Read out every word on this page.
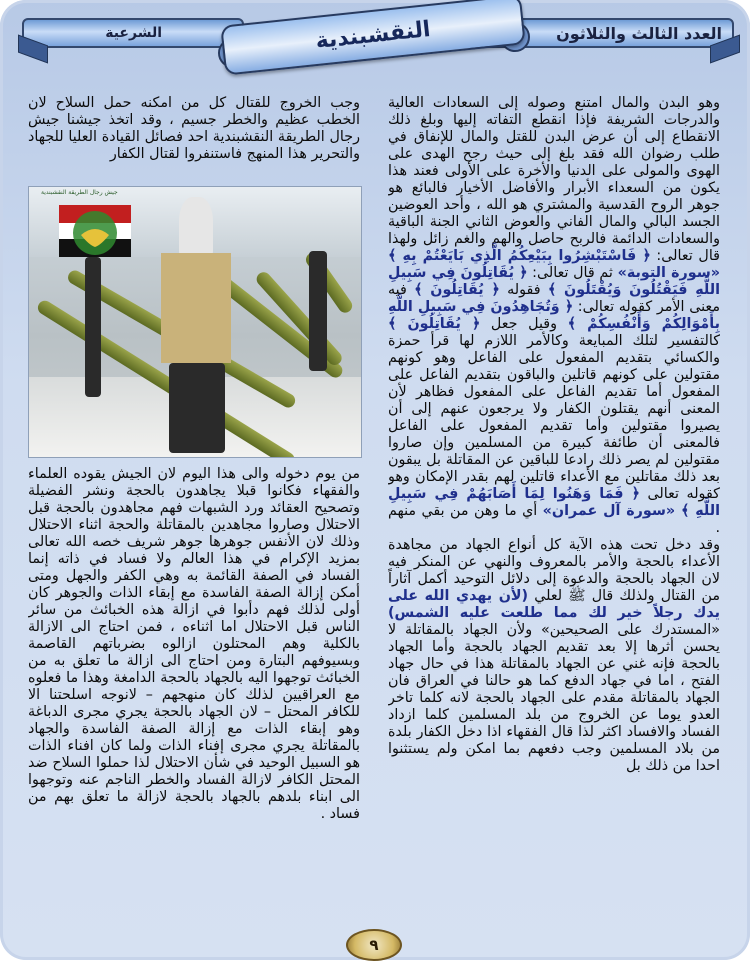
العدد الثالث والثلاثون
الشرعية	النقشبندية
وهو البدن والمال امتنع وصوله إلى السعادات العالية والدرجات الشريفة فإذا انقطع التفاته إليها وبلغ ذلك الانقطاع إلى أن عرض البدن للقتل والمال للإنفاق في طلب رضوان الله فقد بلغ إلى حيث رجح الهدى على الهوى والمولى على الدنيا والأخرة على الأولى فعند هذا يكون من السعداء الأبرار والأفاضل الأخيار فالبائع هو جوهر الروح القدسية والمشتري هو الله ، وأحد العوضين الجسد البالي والمال الفاني والعوض الثاني الجنة الباقية والسعادات الدائمة فالربح حاصل والهم والغم زائل ولهذا قال تعالى: ﴿ فَاسْتَبْشِرُوا بِبَيْعِكُمُ الَّذِي بَايَعْتُمْ بِهِ ﴾ «سورة التوبة» ثم قال تعالى: ﴿ يُقَاتِلُونَ فِي سَبِيلِ اللَّهِ فَيَقْتُلُونَ وَيُقْتَلُونَ ﴾ فقوله ﴿ يُقَاتِلُونَ ﴾ فيه معنى الأمر كقوله تعالى: ﴿ وَتُجَاهِدُونَ فِي سَبِيلِ اللَّهِ بِأَمْوَالِكُمْ وَأَنْفُسِكُمْ ﴾ وقيل جعل ﴿ يُقَاتِلُونَ ﴾ كالتفسير لتلك المبايعة وكالأمر اللازم لها قرأ حمزة والكسائي بتقديم المفعول على الفاعل وهو كونهم مقتولين على كونهم قاتلين والباقون بتقديم الفاعل على المفعول أما تقديم الفاعل على المفعول فظاهر لأن المعنى أنهم يقتلون الكفار ولا يرجعون عنهم إلى أن يصيروا مقتولين وأما تقديم المفعول على الفاعل فالمعنى أن طائفة كبيرة من المسلمين وإن صاروا مقتولين لم يصر ذلك رادعا للباقين عن المقاتلة بل يبقون بعد ذلك مقاتلين مع الأعداء قاتلين لهم بقدر الإمكان وهو كقوله تعالى ﴿ فَمَا وَهَنُوا لِمَا أَصَابَهُمْ فِي سَبِيلِ اللَّهِ ﴾ «سورة آل عمران» أي ما وهن من بقي منهم .
وقد دخل تحت هذه الآية كل أنواع الجهاد من مجاهدة الأعداء بالحجة والأمر بالمعروف والنهي عن المنكر فيه لان الجهاد بالحجة والدعوة إلى دلائل التوحيد أكمل آثاراً من القتال ولذلك قال ﷺ لعلي (لأن يهدي الله على يدك رجلاً خير لك مما طلعت عليه الشمس) «المستدرك على الصحيحين» ولأن الجهاد بالمقاتلة لا يحسن أثرها إلا بعد تقديم الجهاد بالحجة وأما الجهاد بالحجة فإنه غني عن الجهاد بالمقاتلة هذا في حال جهاد الفتح ، اما في جهاد الدفع كما هو حالنا في العراق فان الجهاد بالمقاتلة مقدم على الجهاد بالحجة لانه كلما تاخر العدو يوما عن الخروج من بلد المسلمين كلما ازداد الفساد والافساد اكثر لذا قال الفقهاء اذا دخل الكفار بلدة من بلاد المسلمين وجب دفعهم بما امكن ولم يستثنوا احدا من ذلك بل
وجب الخروج للقتال كل من امكنه حمل السلاح لان الخطب عظيم والخطر جسيم ، وقد اتخذ جيشنا جيش رجال الطريقة النقشبندية احد فصائل القيادة العليا للجهاد والتحرير هذا المنهج فاستنفروا لقتال الكفار
جيش رجال الطريقة النقشبندية
من يوم دخوله والى هذا اليوم لان الجيش يقوده العلماء والفقهاء فكانوا قبلا يجاهدون بالحجة ونشر الفضيلة وتصحيح العقائد ورد الشبهات فهم مجاهدون بالحجة قبل الاحتلال وصاروا مجاهدين بالمقاتلة والحجة اثناء الاحتلال وذلك لان الأنفس جوهرها جوهر شريف خصه الله تعالى بمزيد الإكرام في هذا العالم ولا فساد في ذاته إنما الفساد في الصفة القائمة به وهي الكفر والجهل ومتى أمكن إزالة الصفة الفاسدة مع إبقاء الذات والجوهر كان أولى لذلك فهم دأبوا في ازالة هذه الخبائث من سائر الناس قبل الاحتلال اما اثناءه ، فمن احتاج الى الازالة بالكلية وهم المحتلون ازالوه بضرباتهم القاصمة وبسيوفهم البتارة ومن احتاج الى ازالة ما تعلق به من الخبائث توجهوا اليه بالجهاد بالحجة الدامغة وهذا ما فعلوه مع العراقيين لذلك كان منهجهم – لانوجه اسلحتنا الا للكافر المحتل – لان الجهاد بالحجة يجري مجرى الدباغة وهو إبقاء الذات مع إزالة الصفة الفاسدة والجهاد بالمقاتلة يجري مجرى إفناء الذات ولما كان افناء الذات هو السبيل الوحيد في شأن الاحتلال لذا حملوا السلاح ضد المحتل الكافر لازالة الفساد والخطر الناجم عنه وتوجهوا الى ابناء بلدهم بالجهاد بالحجة لازالة ما تعلق بهم من فساد .
٩
